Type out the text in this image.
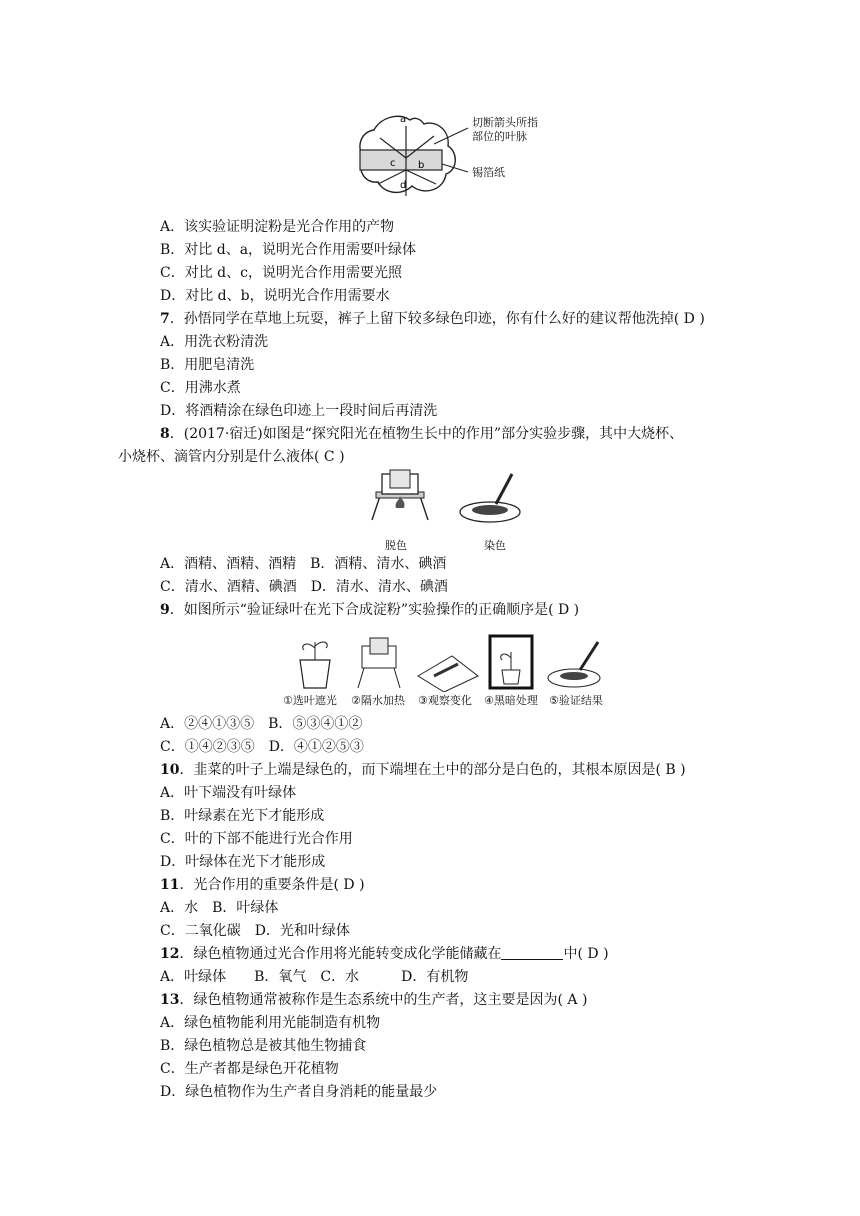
a
b
c
d
切断箭头所指
部位的叶脉
锡箔纸
A．该实验证明淀粉是光合作用的产物
B．对比 d、a，说明光合作用需要叶绿体
C．对比 d、c，说明光合作用需要光照
D．对比 d、b，说明光合作用需要水
7．孙悟同学在草地上玩耍，裤子上留下较多绿色印迹，你有什么好的建议帮他洗掉( D )
A．用洗衣粉清洗
B．用肥皂清洗
C．用沸水煮
D．将酒精涂在绿色印迹上一段时间后再清洗
8．(2017·宿迁)如图是“探究阳光在植物生长中的作用”部分实验步骤，其中大烧杯、
小烧杯、滴管内分别是什么液体( C )
脱色	染色
A．酒精、酒精、酒精　B．酒精、清水、碘酒
C．清水、酒精、碘酒　D．清水、清水、碘酒
9．如图所示“验证绿叶在光下合成淀粉”实验操作的正确顺序是( D )
①选叶遮光 ②隔水加热 ③观察变化 ④黑暗处理 ⑤验证结果
A．②④①③⑤　B．⑤③④①②
C．①④②③⑤　D．④①②⑤③
10．韭菜的叶子上端是绿色的，而下端埋在土中的部分是白色的，其根本原因是( B )
A．叶下端没有叶绿体
B．叶绿素在光下才能形成
C．叶的下部不能进行光合作用
D．叶绿体在光下才能形成
11．光合作用的重要条件是( D )
A．水　B．叶绿体
C．二氧化碳　D．光和叶绿体
12．绿色植物通过光合作用将光能转变成化学能储藏在	中( D )
A．叶绿体　　B．氧气　C．水　　　D．有机物
13．绿色植物通常被称作是生态系统中的生产者，这主要是因为( A )
A．绿色植物能利用光能制造有机物
B．绿色植物总是被其他生物捕食
C．生产者都是绿色开花植物
D．绿色植物作为生产者自身消耗的能量最少
